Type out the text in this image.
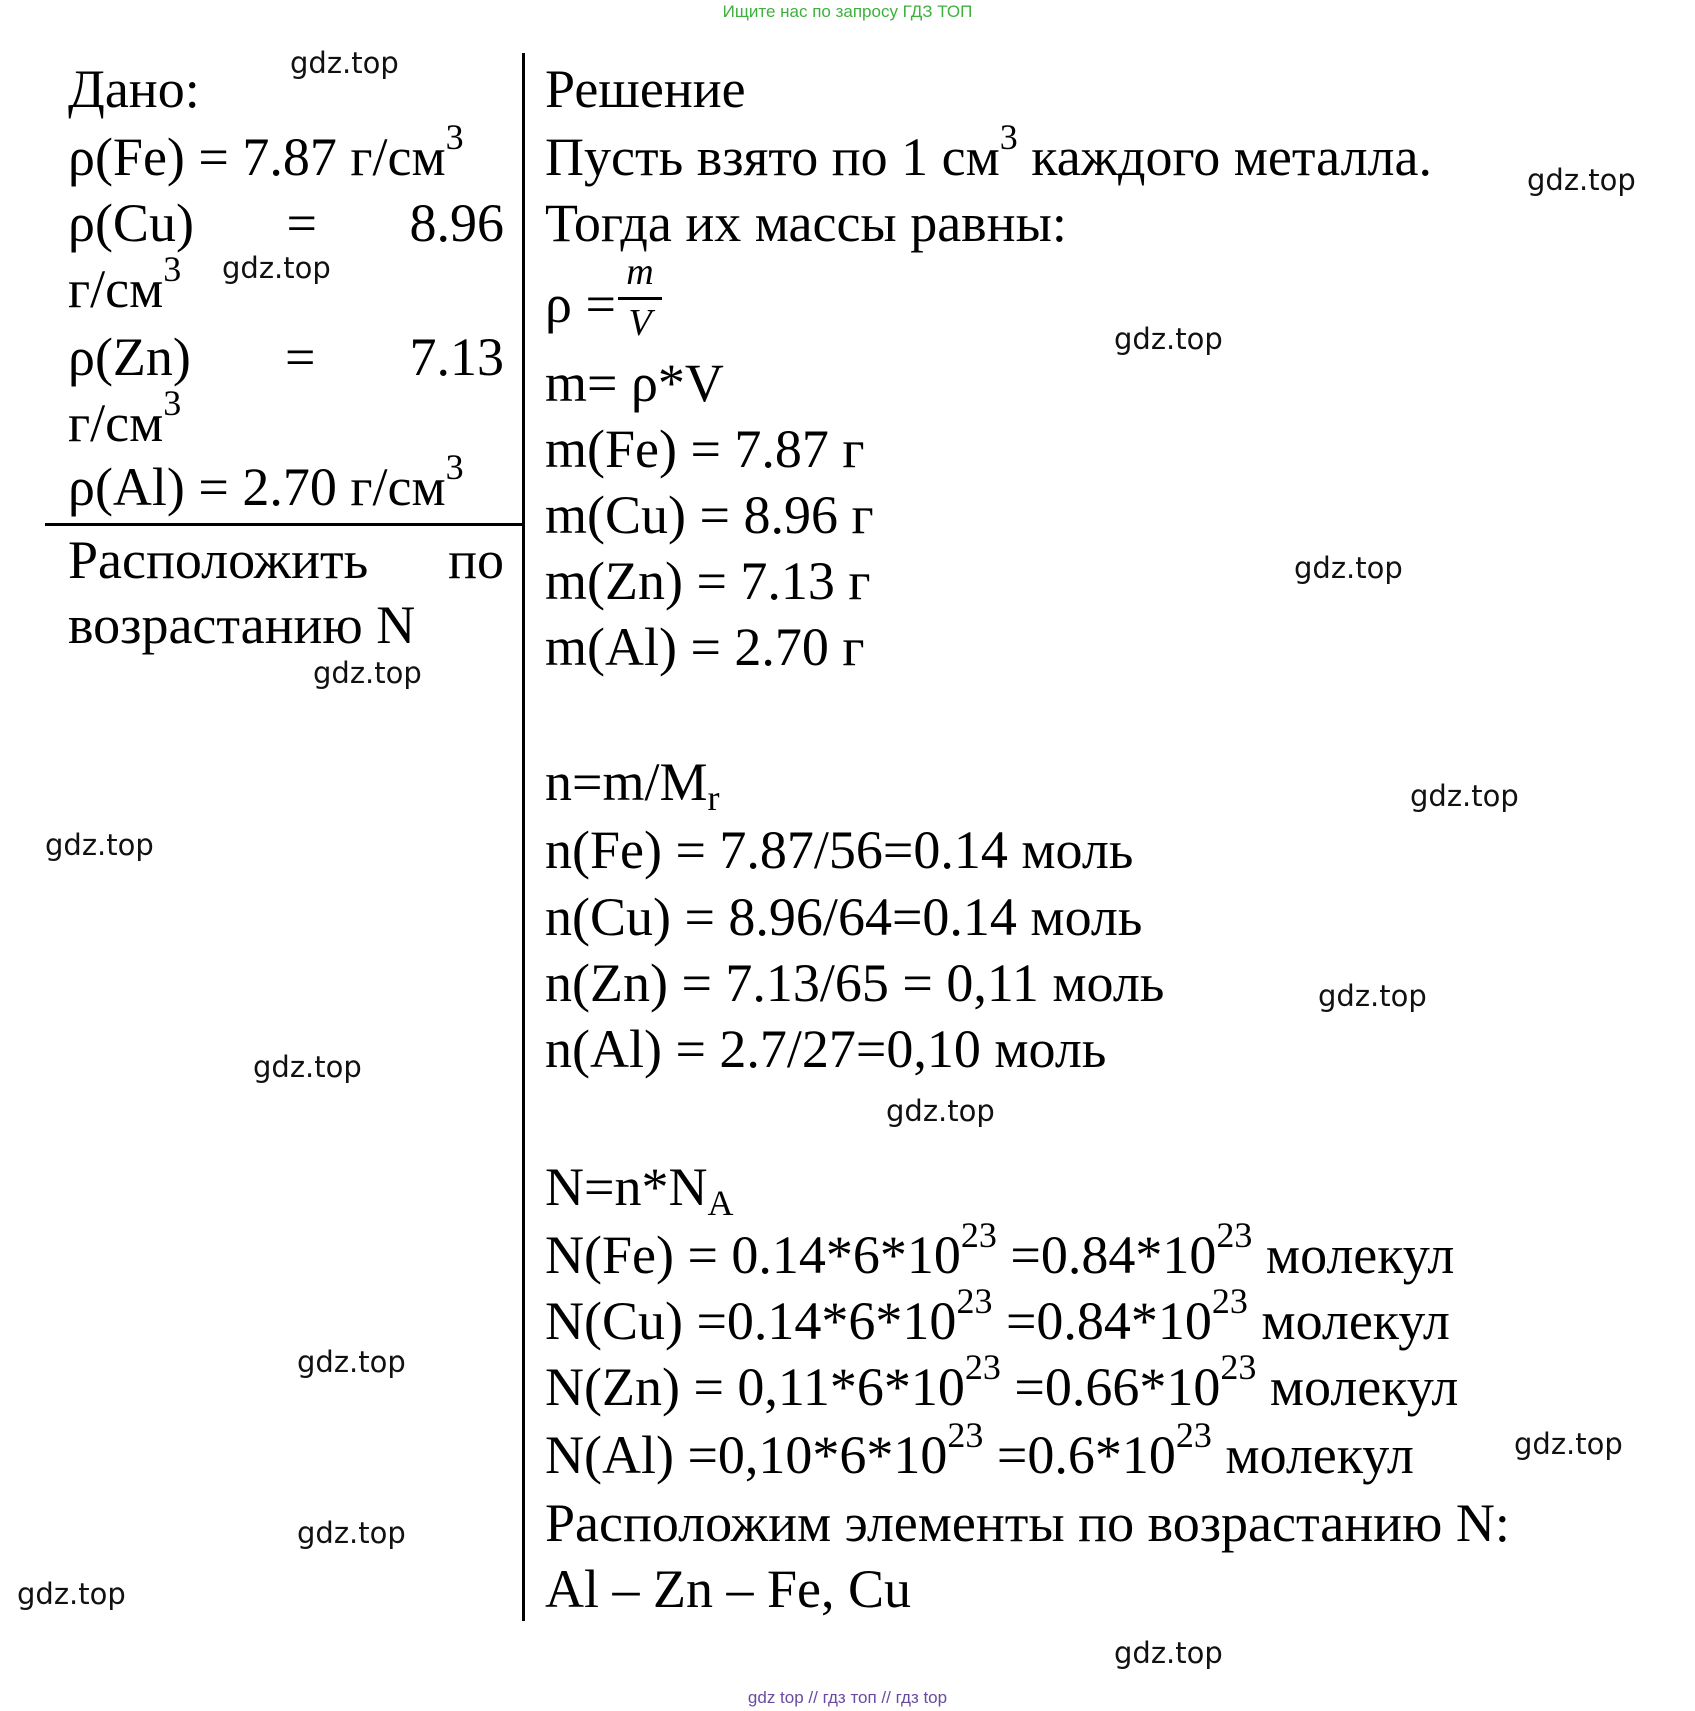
Ищите нас по запросу ГДЗ ТОП
Дано:
ρ(Fe) = 7.87 $г/см^3$
ρ(Cu) = 8.96
$г/см^3$
ρ(Zn) = 7.13
$г/см^3$
ρ(Al) = 2.70 $г/см^3$
Расположить по
возрастанию N
Решение
Пусть взято по 1 $см^3$ каждого металла.
Тогда их массы равны:
ρ =
m
V
m= ρ*V
m(Fe) = 7.87 г
m(Cu) = 8.96 г
m(Zn) = 7.13 г
m(Al) = 2.70 г
$n=m/M_r$
n(Fe) = 7.87/56=0.14 моль
n(Cu) = 8.96/64=0.14 моль
n(Zn) = 7.13/65 = 0,11 моль
n(Al) = 2.7/27=0,10 моль
$N=n*N_A$
$N(Fe) = 0.14*6*10^{23} =0.84*10^{23}$ молекул
$N(Cu) =0.14*6*10^{23} =0.84*10^{23}$ молекул
$N(Zn) = 0,11*6*10^{23} =0.66*10^{23}$ молекул
$N(Al) =0,10*6*10^{23} =0.6*10^{23}$ молекул
Расположим элементы по возрастанию N:
Al – Zn – Fe, Cu
gdz.top
gdz.top
gdz.top
gdz.top
gdz.top
gdz.top
gdz.top
gdz.top
gdz.top
gdz.top
gdz.top
gdz.top
gdz.top
gdz.top
gdz.top
gdz.top
gdz top // гдз топ // гдз top
